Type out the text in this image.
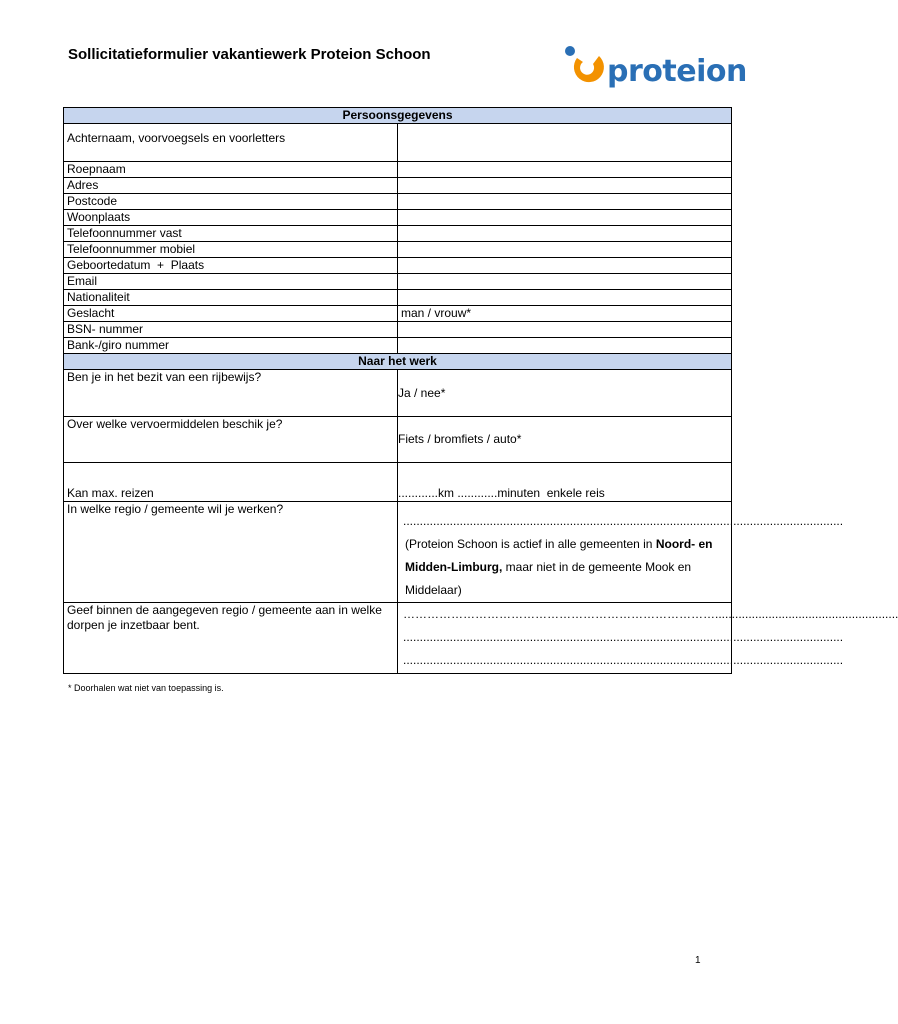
Sollicitatieformulier vakantiewerk Proteion Schoon	proteion
Persoonsgegevens	
Achternaam, voorvoegsels en voorletters	
Roepnaam	
Adres	
Postcode	
Woonplaats	
Telefoonnummer vast	
Telefoonnummer mobiel	
Geboortedatum  +  Plaats	
Email	
Nationaliteit	
Geslacht	man / vrouw*
BSN- nummer	
Bank-/giro nummer	
Naar het werk	
Ben je in het bezit van een rijbewijs?	Ja / nee*
Over welke vervoermiddelen beschik je?	Fiets / bromfiets / auto*
Kan max. reizen	............km ............minuten  enkele reis
In welke regio / gemeente wil je werken?	....................................................................................................................................
(Proteion Schoon is actief in alle gemeenten in Noord- en Midden-Limburg, maar niet in de gemeente Mook en Middelaar)

Geef binnen de aangegeven regio / gemeente aan in welke dorpen je inzetbaar bent.	…………………………………………………………………….......................................................
....................................................................................................................................
....................................................................................................................................
* Doorhalen wat niet van toepassing is.
1
